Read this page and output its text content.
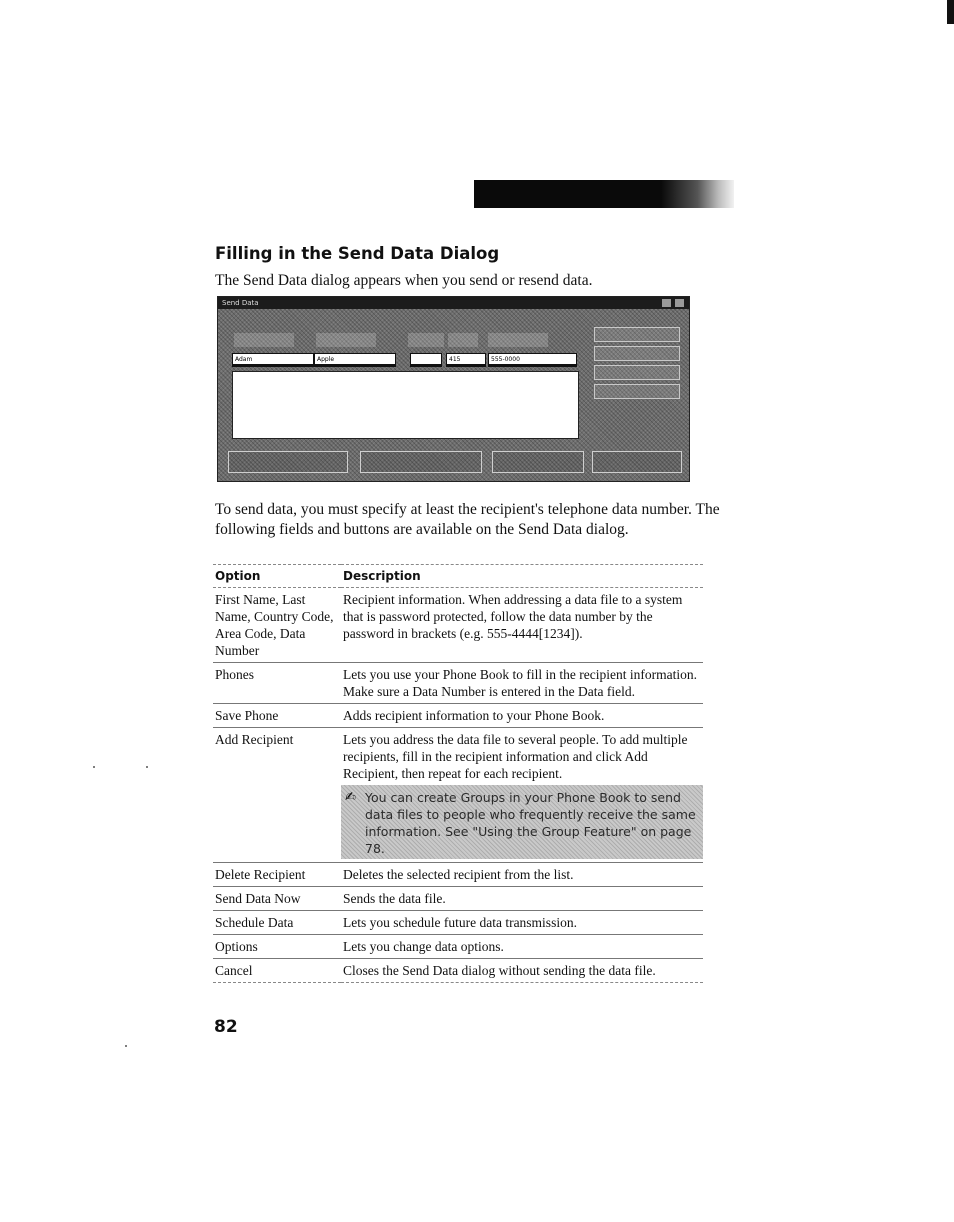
Filling in the Send Data Dialog

The Send Data dialog appears when you send or resend data.

Send Data
Adam	Apple	415	555-0000

To send data, you must specify at least the recipient's telephone data number. The following fields and buttons are available on the Send Data dialog.

Option	Description
First Name, Last Name, Country Code, Area Code, Data Number	Recipient information. When addressing a data file to a system that is password protected, follow the data number by the password in brackets (e.g. 555-4444[1234]).
Phones	Lets you use your Phone Book to fill in the recipient information. Make sure a Data Number is entered in the Data field.
Save Phone	Adds recipient information to your Phone Book.
Add Recipient	Lets you address the data file to several people. To add multiple recipients, fill in the recipient information and click Add Recipient, then repeat for each recipient.
✍ You can create Groups in your Phone Book to send data files to people who frequently receive the same information. See "Using the Group Feature" on page 78.

Delete Recipient	Deletes the selected recipient from the list.
Send Data Now	Sends the data file.
Schedule Data	Lets you schedule future data transmission.
Options	Lets you change data options.
Cancel	Closes the Send Data dialog without sending the data file.
82
